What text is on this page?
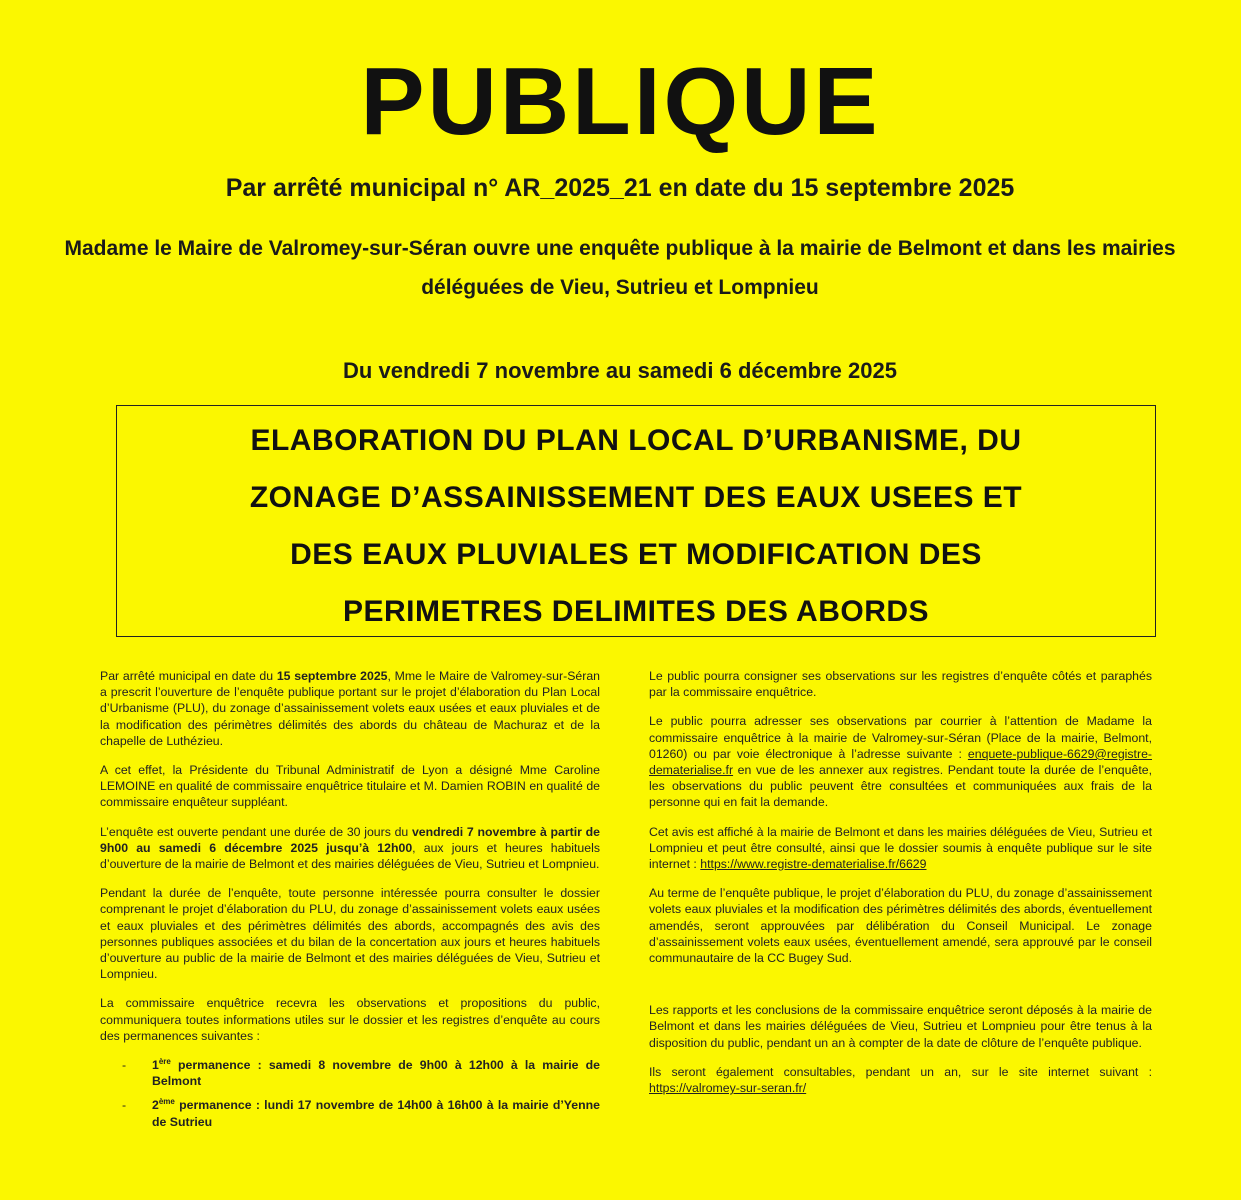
PUBLIQUE
Par arrêté municipal n° AR_2025_21 en date du 15 septembre 2025
Madame le Maire de Valromey-sur-Séran ouvre une enquête publique à la mairie de Belmont et dans les mairies déléguées de Vieu, Sutrieu et Lompnieu
Du vendredi 7 novembre au samedi 6 décembre 2025
ELABORATION DU PLAN LOCAL D’URBANISME, DU
ZONAGE D’ASSAINISSEMENT DES EAUX USEES ET
DES EAUX PLUVIALES ET MODIFICATION DES
PERIMETRES DELIMITES DES ABORDS

Par arrêté municipal en date du 15 septembre 2025, Mme le Maire de Valromey-sur-Séran a prescrit l’ouverture de l’enquête publique portant sur le projet d’élaboration du Plan Local d’Urbanisme (PLU), du zonage d’assainissement volets eaux usées et eaux pluviales et de la modification des périmètres délimités des abords du château de Machuraz et de la chapelle de Luthézieu.

A cet effet, la Présidente du Tribunal Administratif de Lyon a désigné Mme Caroline LEMOINE en qualité de commissaire enquêtrice titulaire et M. Damien ROBIN en qualité de commissaire enquêteur suppléant.

L’enquête est ouverte pendant une durée de 30 jours du vendredi 7 novembre à partir de 9h00 au samedi 6 décembre 2025 jusqu’à 12h00, aux jours et heures habituels d’ouverture de la mairie de Belmont et des mairies déléguées de Vieu, Sutrieu et Lompnieu.

Pendant la durée de l’enquête, toute personne intéressée pourra consulter le dossier comprenant le projet d’élaboration du PLU, du zonage d’assainissement volets eaux usées et eaux pluviales et des périmètres délimités des abords, accompagnés des avis des personnes publiques associées et du bilan de la concertation aux jours et heures habituels d’ouverture au public de la mairie de Belmont et des mairies déléguées de Vieu, Sutrieu et Lompnieu.

La commissaire enquêtrice recevra les observations et propositions du public, communiquera toutes informations utiles sur le dossier et les registres d’enquête au cours des permanences suivantes :

- 1ère permanence : samedi 8 novembre de 9h00 à 12h00 à la mairie de Belmont
- 2ème permanence : lundi 17 novembre de 14h00 à 16h00 à la mairie d’Yenne de Sutrieu

Le public pourra consigner ses observations sur les registres d’enquête côtés et paraphés par la commissaire enquêtrice.

Le public pourra adresser ses observations par courrier à l’attention de Madame la commissaire enquêtrice à la mairie de Valromey-sur-Séran (Place de la mairie, Belmont, 01260) ou par voie électronique à l’adresse suivante : enquete-publique-6629@registre-dematerialise.fr en vue de les annexer aux registres. Pendant toute la durée de l’enquête, les observations du public peuvent être consultées et communiquées aux frais de la personne qui en fait la demande.

Cet avis est affiché à la mairie de Belmont et dans les mairies déléguées de Vieu, Sutrieu et Lompnieu et peut être consulté, ainsi que le dossier soumis à enquête publique sur le site internet : https://www.registre-dematerialise.fr/6629

Au terme de l’enquête publique, le projet d’élaboration du PLU, du zonage d’assainissement volets eaux pluviales et la modification des périmètres délimités des abords, éventuellement amendés, seront approuvées par délibération du Conseil Municipal. Le zonage d’assainissement volets eaux usées, éventuellement amendé, sera approuvé par le conseil communautaire de la CC Bugey Sud.

Les rapports et les conclusions de la commissaire enquêtrice seront déposés à la mairie de Belmont et dans les mairies déléguées de Vieu, Sutrieu et Lompnieu pour être tenus à la disposition du public, pendant un an à compter de la date de clôture de l’enquête publique.

Ils seront également consultables, pendant un an, sur le site internet suivant : https://valromey-sur-seran.fr/
